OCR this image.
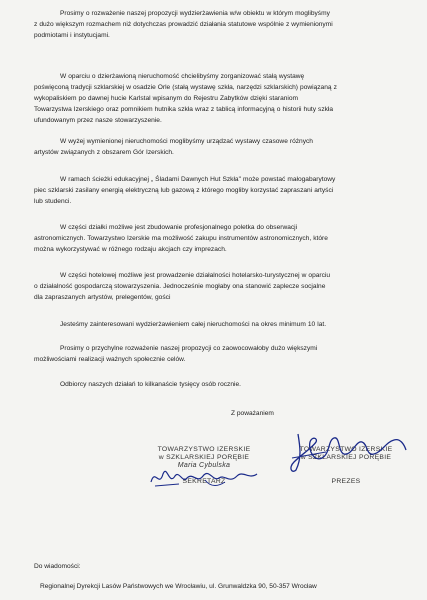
Prosimy o rozważenie naszej propozycji wydzierżawienia w/w obiektu w którym moglibyśmy
z dużo większym rozmachem niż dotychczas prowadzić działania statutowe wspólnie z wymienionymi
podmiotami i instytucjami.

W oparciu o dzierżawioną nieruchomość chcielibyśmy zorganizować stałą wystawę
poświęconą tradycji szklarskiej w osadzie Orle (stałą wystawę szkła, narzędzi szklarskich) powiązaną z
wykopaliskiem po dawnej hucie Karlstal wpisanym do Rejestru Zabytków dzięki staraniom
Towarzystwa Izerskiego oraz pomnikiem hutnika szkła wraz z tablicą informacyjną o historii huty szkła
ufundowanym przez nasze stowarzyszenie.

W wyżej wymienionej nieruchomości moglibyśmy urządzać wystawy czasowe różnych
artystów związanych z obszarem Gór Izerskich.

W ramach ścieżki edukacyjnej „ Śladami Dawnych Hut Szkła" może powstać małogabarytowy
piec szklarski zasilany energią elektryczną lub gazową z którego mogliby korzystać zapraszani artyści
lub studenci.

W części działki możliwe jest zbudowanie profesjonalnego poletka do obserwacji
astronomicznych. Towarzystwo Izerskie ma możliwość zakupu instrumentów astronomicznych, które
można wykorzystywać w różnego rodzaju akcjach czy imprezach.

W części hotelowej możliwe jest prowadzenie działalności hotelarsko-turystycznej w oparciu
o działalność gospodarczą stowarzyszenia. Jednocześnie mogłaby ona stanowić zaplecze socjalne
dla zapraszanych artystów, prelegentów, gości

Jesteśmy zainteresowani wydzierżawieniem całej nieruchomości na okres minimum 10 lat.

Prosimy o przychylne rozważenie naszej propozycji co zaowocowałoby dużo większymi
możliwościami realizacji ważnych społecznie celów.

Odbiorcy naszych działań to kilkanaście tysięcy osób rocznie.

Z poważaniem
TOWARZYSTWO IZERSKIE
w SZKLARSKIEJ PORĘBIE
Maria Cybulska
SEKRETARZ
TOWARZYSTWO IZERSKIE
w SZKLARSKIEJ PORĘBIE
PREZES
Do wiadomości:
Regionalnej Dyrekcji Lasów Państwowych we Wrocławiu, ul. Grunwaldzka 90, 50-357 Wrocław
